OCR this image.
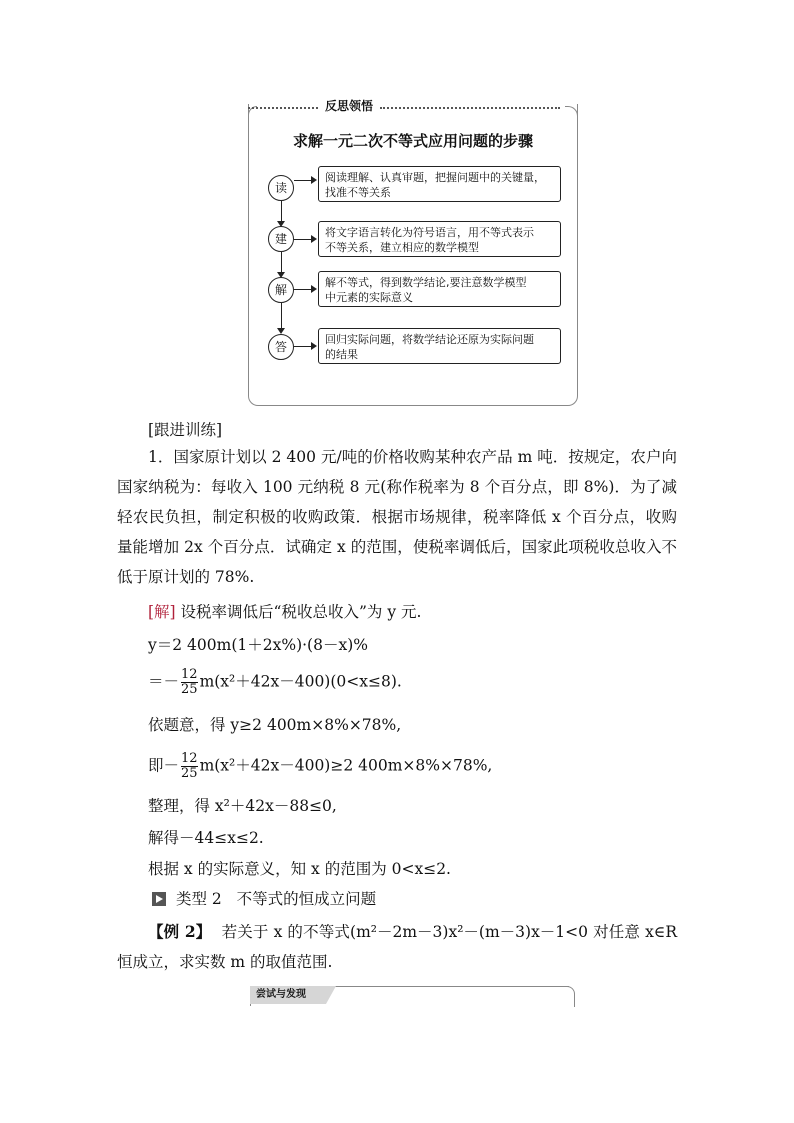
反思领悟
求解一元二次不等式应用问题的步骤
读
建
解
答
阅读理解、认真审题，把握问题中的关键量，
找准不等关系
将文字语言转化为符号语言，用不等式表示
不等关系，建立相应的数学模型
解不等式，得到数学结论,要注意数学模型
中元素的实际意义
回归实际问题，将数学结论还原为实际问题
的结果
[跟进训练]
1．国家原计划以 2 400 元/吨的价格收购某种农产品 m 吨．按规定，农户向国家纳税为：每收入 100 元纳税 8 元(称作税率为 8 个百分点，即 8%)．为了减轻农民负担，制定积极的收购政策．根据市场规律，税率降低 x 个百分点，收购量能增加 2x 个百分点．试确定 x 的范围，使税率调低后，国家此项税收总收入不低于原计划的 78%.
[解] 设税率调低后“税收总收入”为 y 元.
y＝2 400m(1＋2x%)·(8－x)%
＝－ $\frac{12}{25} m(x^2+42x-400)(0<x\le 8)$.
依题意，得 y≥2 400m×8%×78%,
即－ $\frac{12}{25} m(x^2+42x-400)\ge 2$ 400m×8%×78%,
整理，得 x²＋42x－88≤0,
解得－44≤x≤2.
根据 x 的实际意义，知 x 的范围为 0<x≤2.
类型 2 不等式的恒成立问题
【例 2】 若关于 x 的不等式(m²－2m－3)x²－(m－3)x－1<0 对任意 x∈R 恒成立，求实数 m 的取值范围.
尝试与发现
